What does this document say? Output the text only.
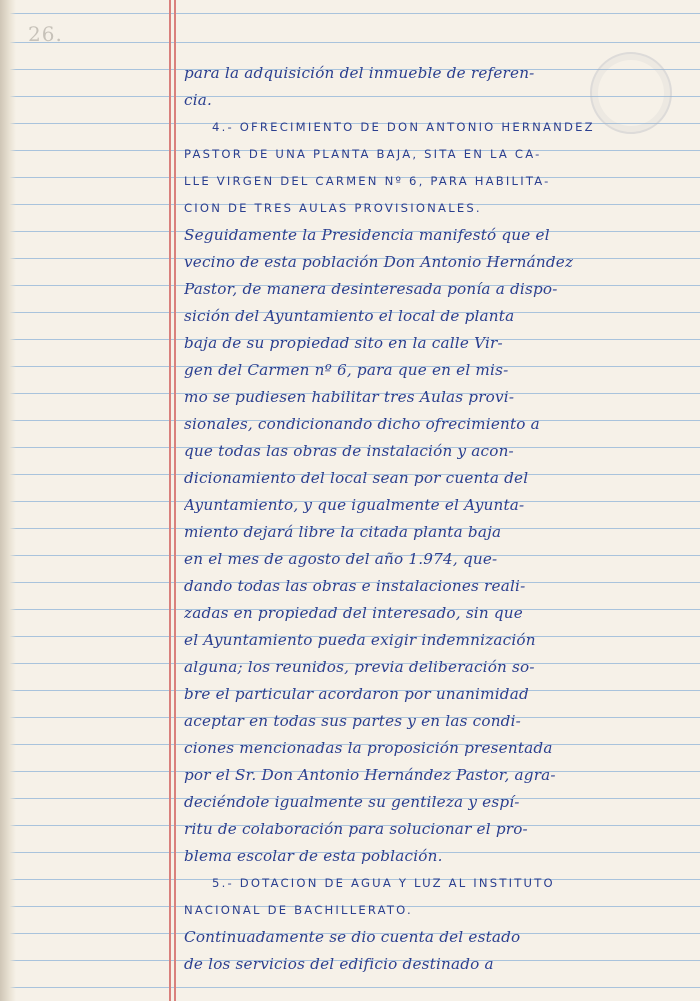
26.
para la adquisición del inmueble de referen-
cia.
4.- OFRECIMIENTO DE DON ANTONIO HERNANDEZ
PASTOR DE UNA PLANTA BAJA, SITA EN LA CA-
LLE VIRGEN DEL CARMEN Nº 6, PARA HABILITA-
CION DE TRES AULAS PROVISIONALES.
Seguidamente la Presidencia manifestó que el
vecino de esta población Don Antonio Hernández
Pastor, de manera desinteresada ponía a dispo-
sición del Ayuntamiento el local de planta
baja de su propiedad sito en la calle Vir-
gen del Carmen nº 6, para que en el mis-
mo se pudiesen habilitar tres Aulas provi-
sionales, condicionando dicho ofrecimiento a
que todas las obras de instalación y acon-
dicionamiento del local sean por cuenta del
Ayuntamiento, y que igualmente el Ayunta-
miento dejará libre la citada planta baja
en el mes de agosto del año 1.974, que-
dando todas las obras e instalaciones reali-
zadas en propiedad del interesado, sin que
el Ayuntamiento pueda exigir indemnización
alguna; los reunidos, previa deliberación so-
bre el particular acordaron por unanimidad
aceptar en todas sus partes y en las condi-
ciones mencionadas la proposición presentada
por el Sr. Don Antonio Hernández Pastor, agra-
deciéndole igualmente su gentileza y espí-
ritu de colaboración para solucionar el pro-
blema escolar de esta población.
5.- DOTACION DE AGUA Y LUZ AL INSTITUTO
NACIONAL DE BACHILLERATO.
Continuadamente se dio cuenta del estado
de los servicios del edificio destinado a
